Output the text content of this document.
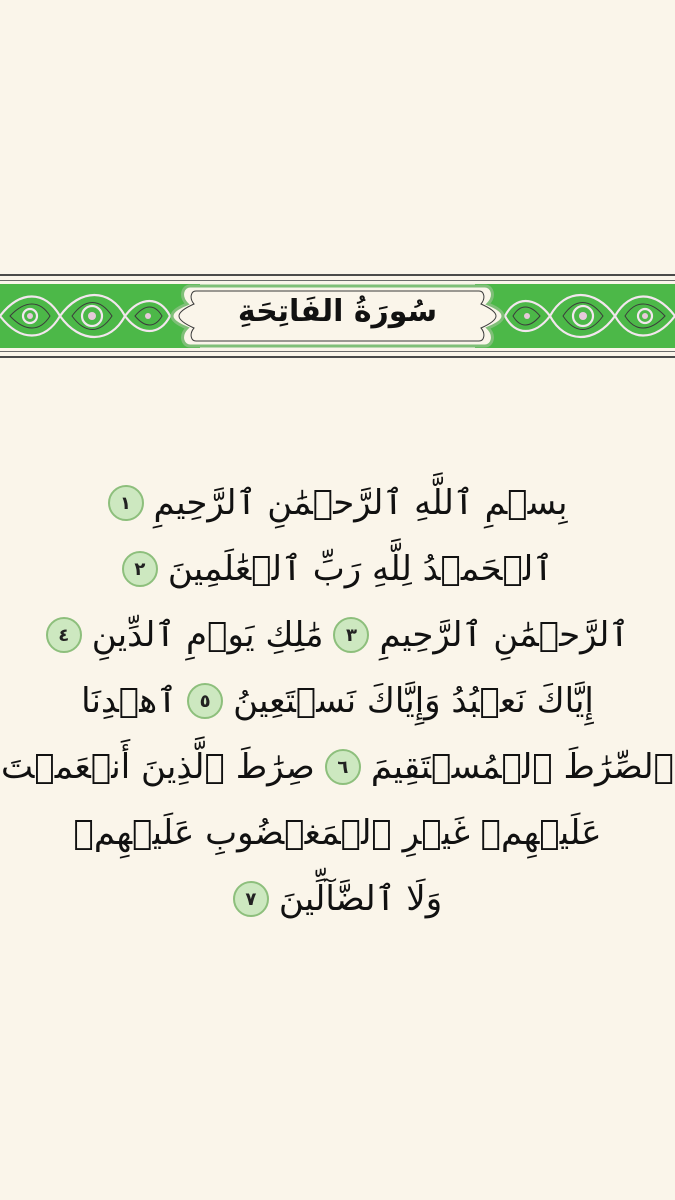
سُورَةُ الفَاتِحَةِ
بِسۡمِ ٱللَّهِ ٱلرَّحۡمَٰنِ ٱلرَّحِيمِ
١
ٱلۡحَمۡدُ لِلَّهِ رَبِّ ٱلۡعَٰلَمِينَ
٢
ٱلرَّحۡمَٰنِ ٱلرَّحِيمِ
٣
مَٰلِكِ يَوۡمِ ٱلدِّينِ
٤
إِيَّاكَ نَعۡبُدُ وَإِيَّاكَ نَسۡتَعِينُ
٥
ٱهۡدِنَا
ٱلصِّرَٰطَ ٱلۡمُسۡتَقِيمَ
٦
صِرَٰطَ ٱلَّذِينَ أَنۡعَمۡتَ
عَلَيۡهِمۡ غَيۡرِ ٱلۡمَغۡضُوبِ عَلَيۡهِمۡ
وَلَا ٱلضَّآلِّينَ
٧
